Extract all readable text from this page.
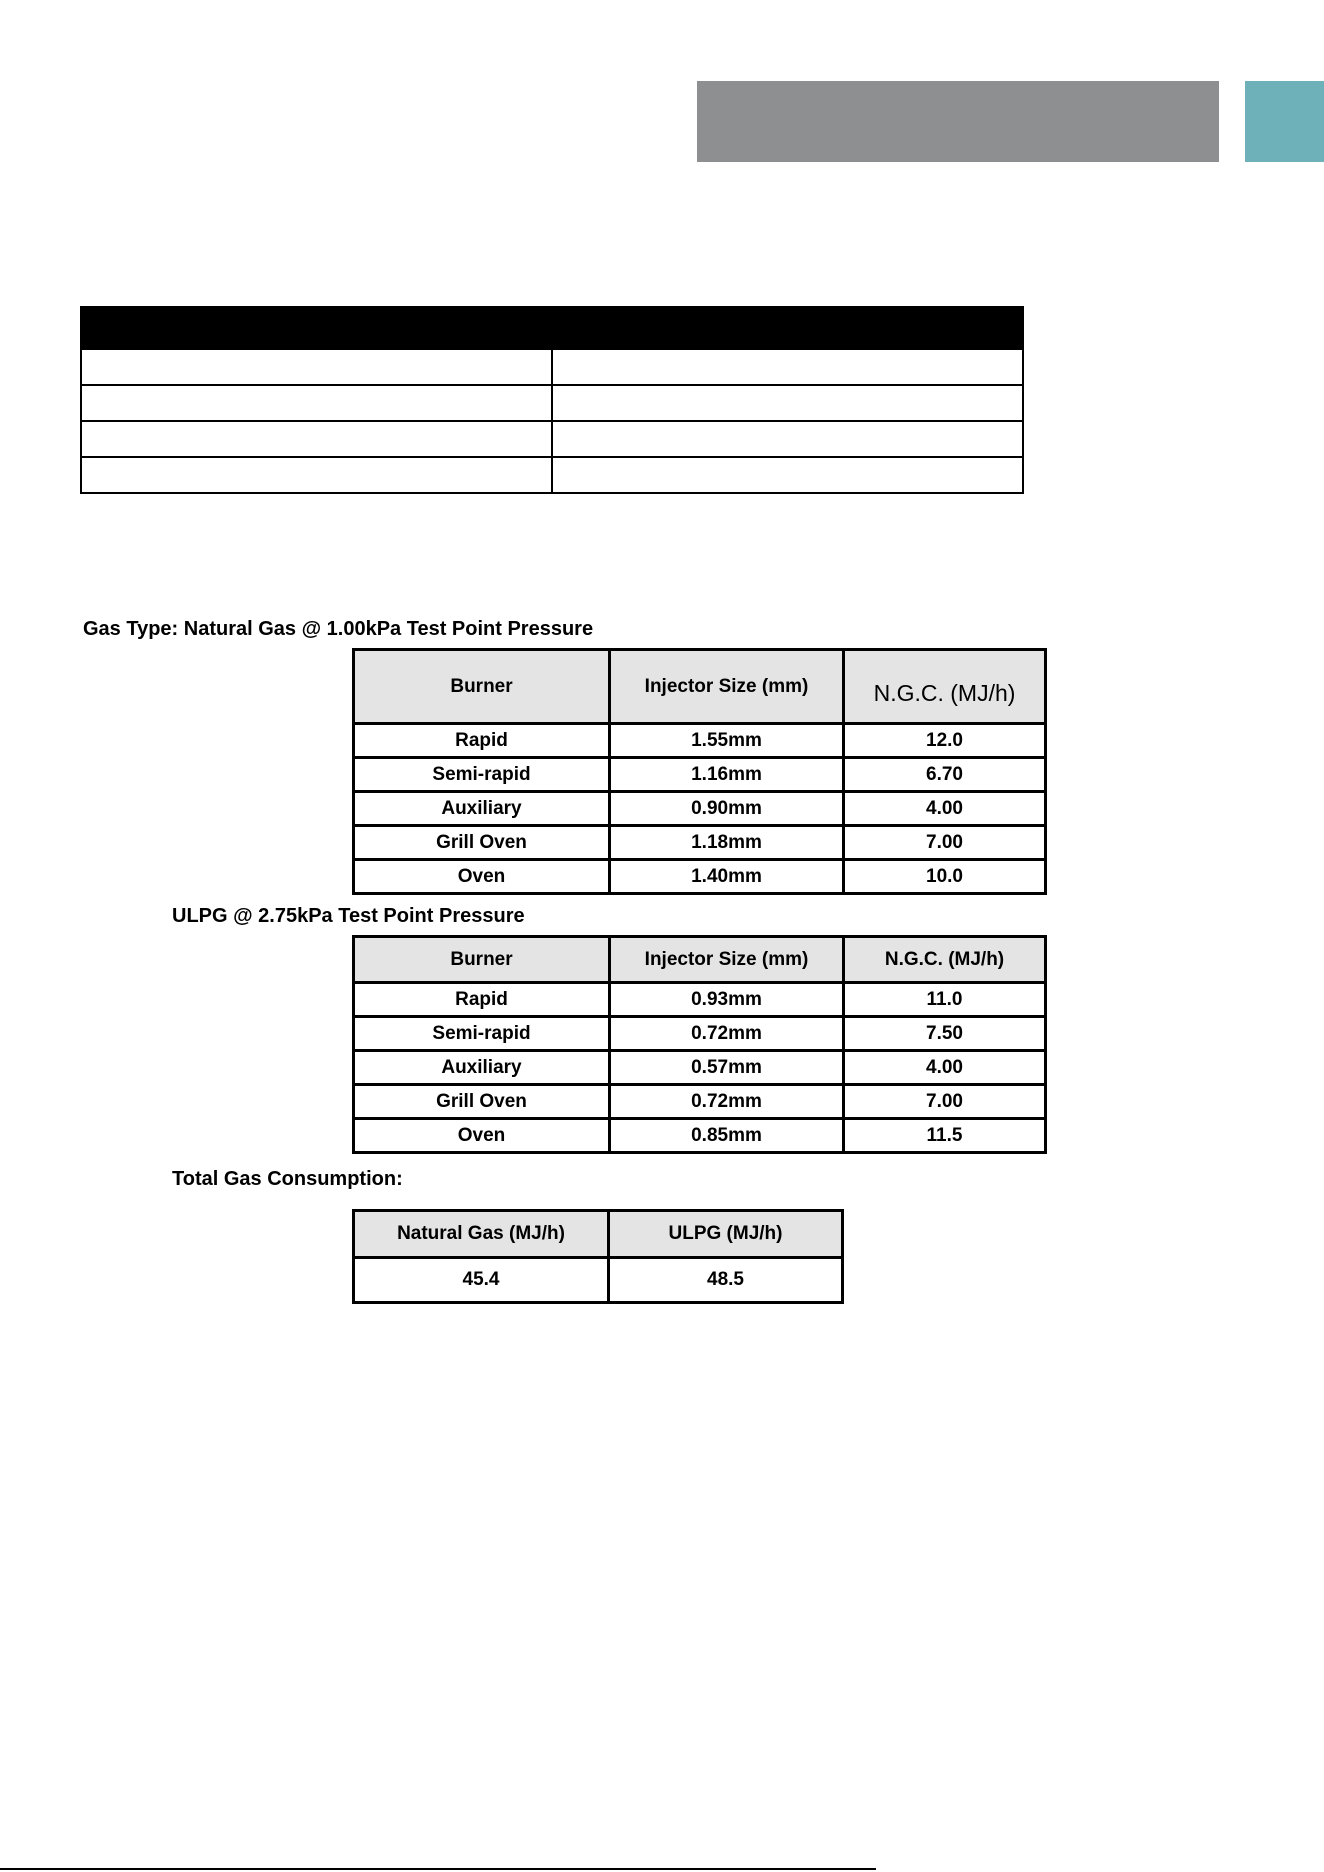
Gas Type: Natural Gas @ 1.00kPa Test Point Pressure
Burner	Injector Size (mm)	N.G.C. (MJ/h)
Rapid	1.55mm	12.0
Semi-rapid	1.16mm	6.70
Auxiliary	0.90mm	4.00
Grill Oven	1.18mm	7.00
Oven	1.40mm	10.0
ULPG @ 2.75kPa Test Point Pressure
Burner	Injector Size (mm)	N.G.C. (MJ/h)
Rapid	0.93mm	11.0
Semi-rapid	0.72mm	7.50
Auxiliary	0.57mm	4.00
Grill Oven	0.72mm	7.00
Oven	0.85mm	11.5
Total Gas Consumption:
Natural Gas (MJ/h)	ULPG (MJ/h)
45.4	48.5
